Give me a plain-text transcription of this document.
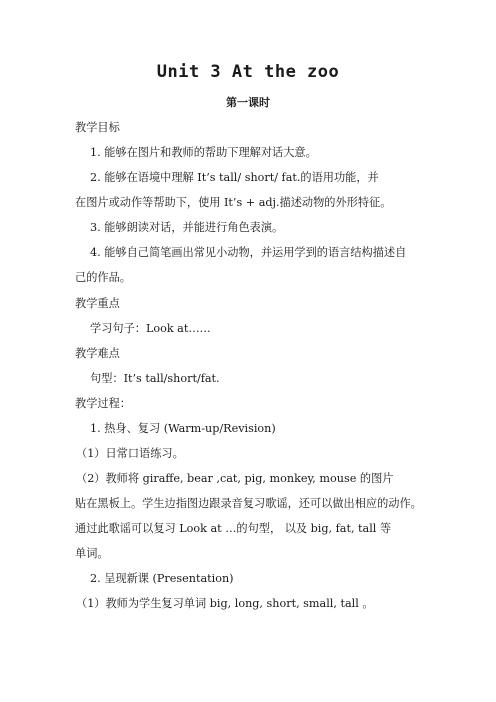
Unit 3 At the zoo
第一课时
教学目标
1. 能够在图片和教师的帮助下理解对话大意。
2. 能够在语境中理解 It’s tall/ short/ fat.的语用功能，并
在图片或动作等帮助下，使用 It’s + adj.描述动物的外形特征。
3. 能够朗读对话，并能进行角色表演。
4. 能够自己简笔画出常见小动物，并运用学到的语言结构描述自
己的作品。
教学重点
学习句子：Look at……
教学难点
句型：It’s tall/short/fat.
教学过程：
1. 热身、复习 (Warm-up/Revision)
（1）日常口语练习。
（2）教师将 giraffe, bear ,cat, pig, monkey, mouse 的图片
贴在黑板上。学生边指图边跟录音复习歌谣，还可以做出相应的动作。
通过此歌谣可以复习 Look at …的句型， 以及 big, fat, tall 等
单词。
2. 呈现新课 (Presentation)
（1）教师为学生复习单词 big, long, short, small, tall 。
